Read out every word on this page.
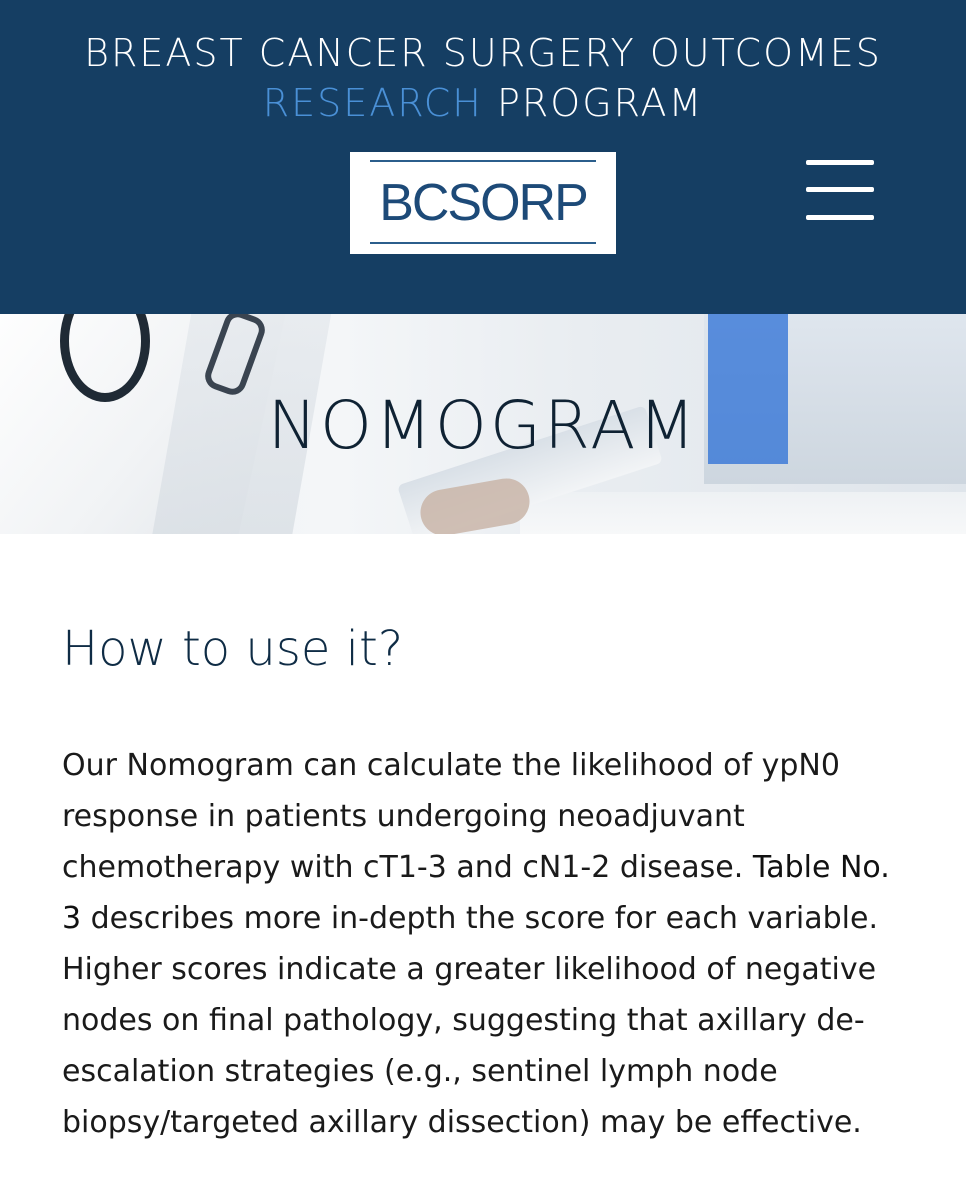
BREAST CANCER SURGERY OUTCOMES
RESEARCH PROGRAM
BCSORP
NOMOGRAM
How to use it?
Our Nomogram can calculate the likelihood of ypN0 response in patients undergoing neoadjuvant chemotherapy with cT1-3 and cN1-2 disease. Table No. 3 describes more in-depth the score for each variable. Higher scores indicate a greater likelihood of negative nodes on final pathology, suggesting that axillary de-escalation strategies (e.g., sentinel lymph node biopsy/targeted axillary dissection) may be effective.
